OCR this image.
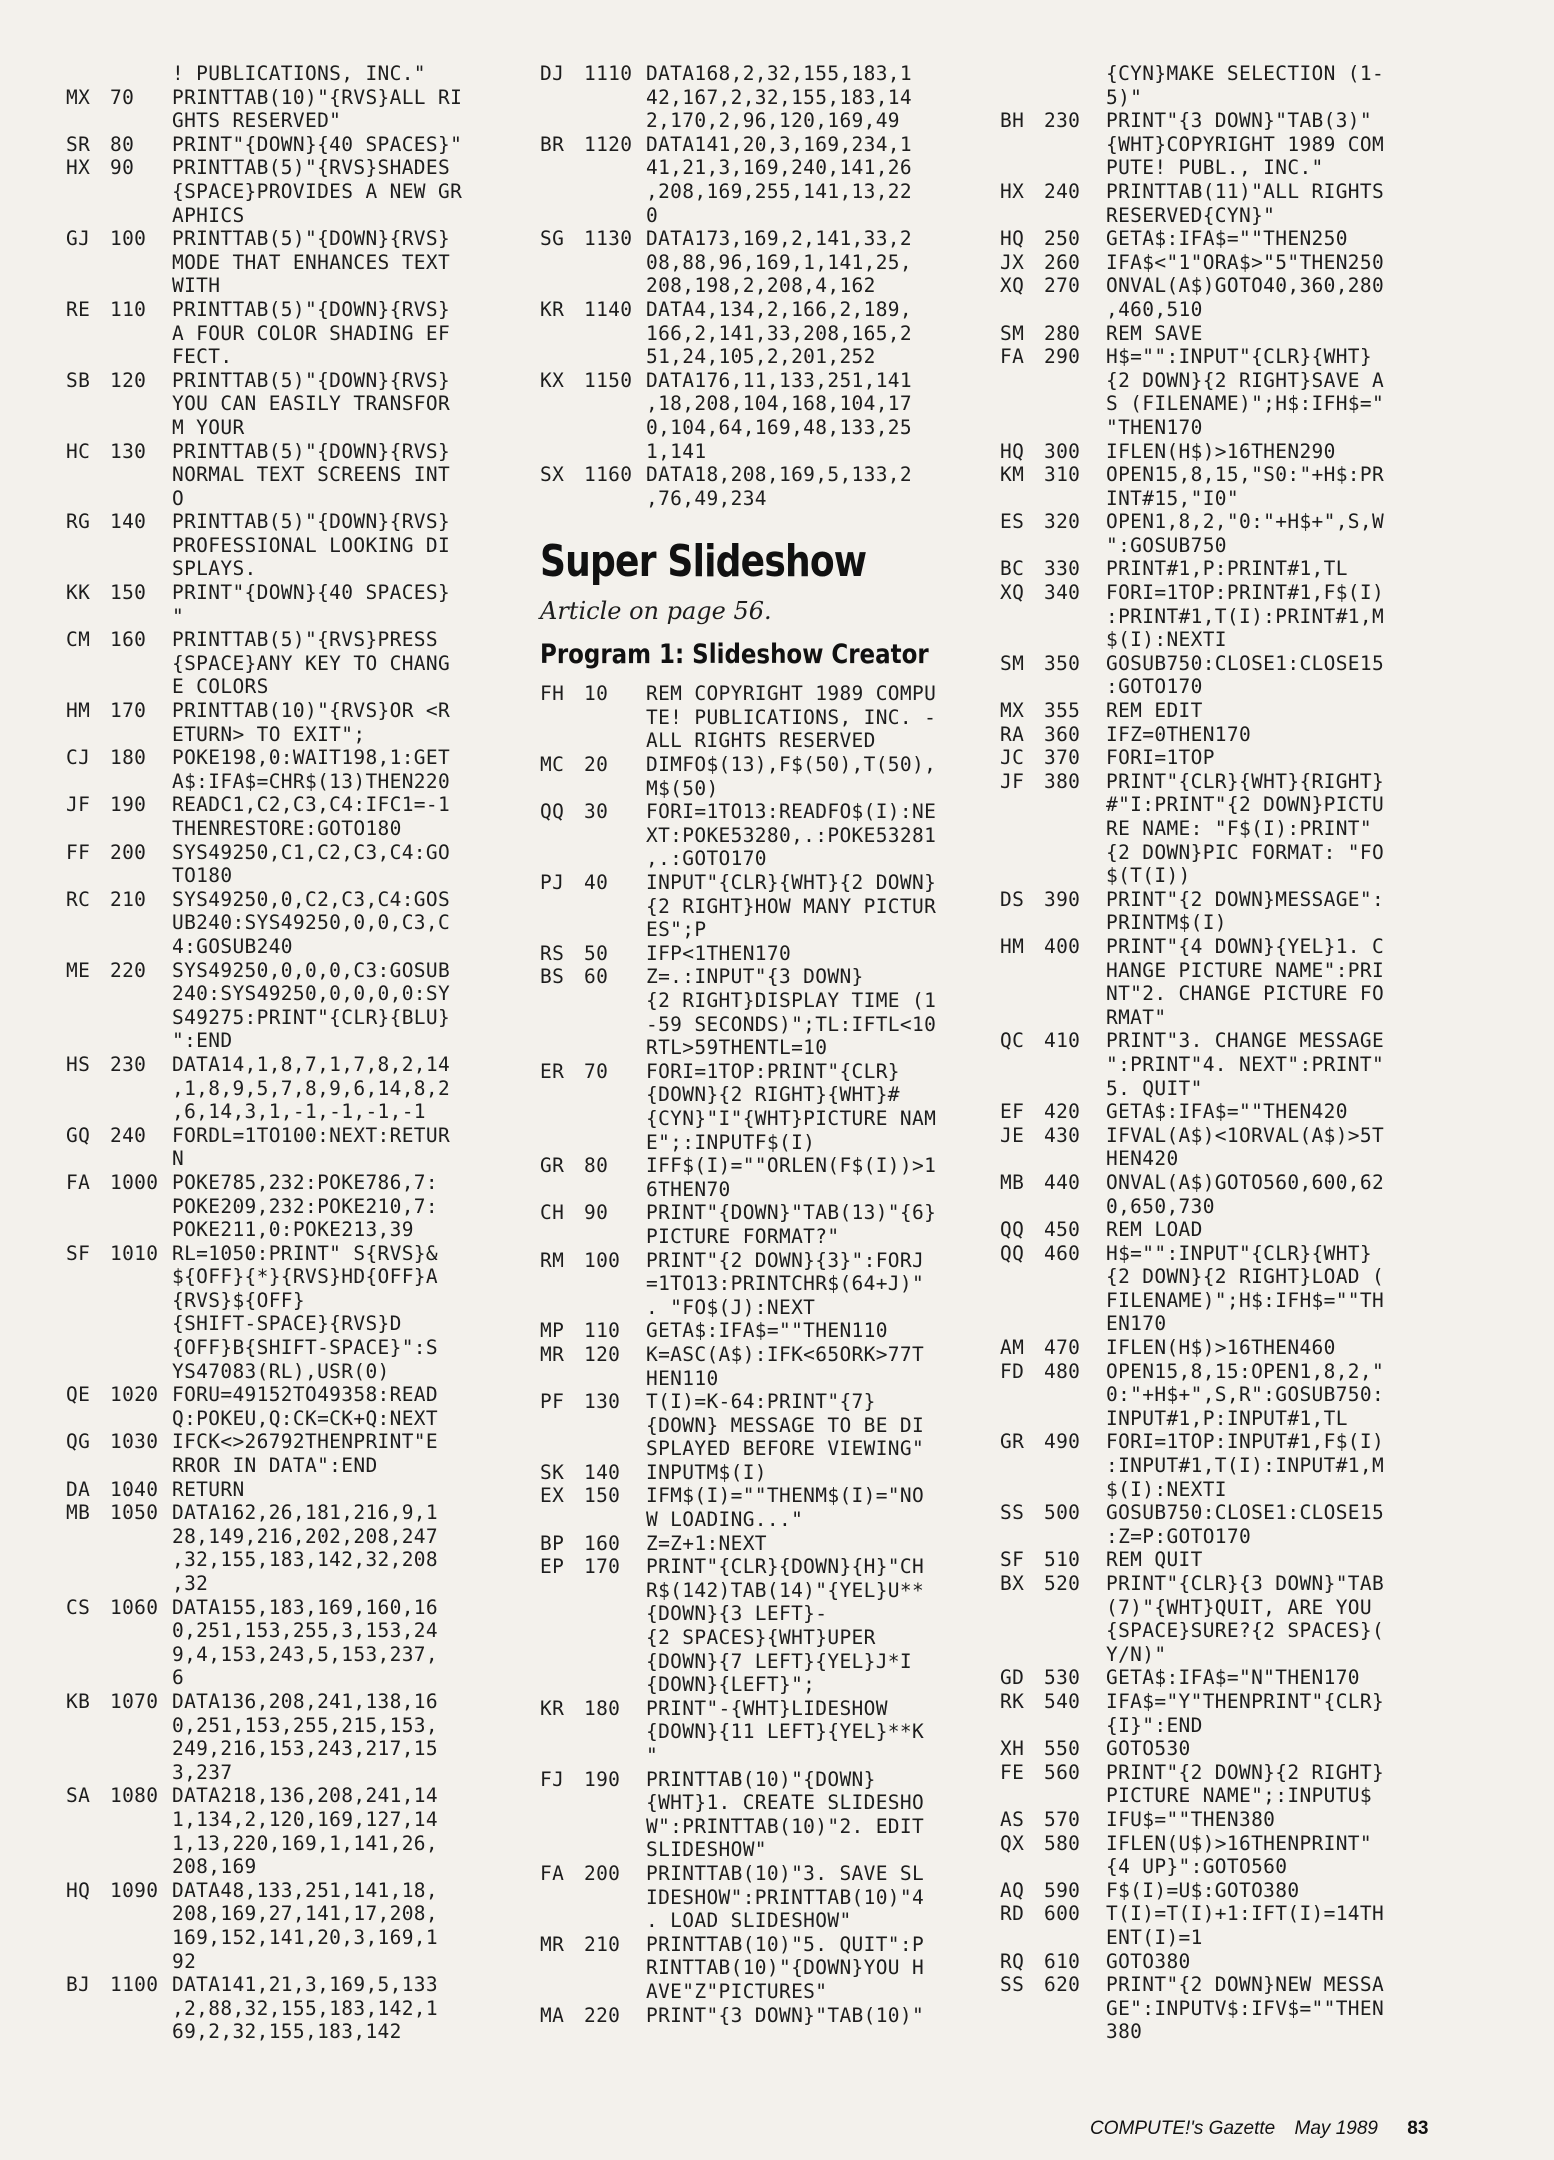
! PUBLICATIONS, INC."
MX	70	PRINTTAB(10)"{RVS}ALL RI
GHTS RESERVED"
SR	80	PRINT"{DOWN}{40 SPACES}"
HX	90	PRINTTAB(5)"{RVS}SHADES
{SPACE}PROVIDES A NEW GR
APHICS
GJ	100	PRINTTAB(5)"{DOWN}{RVS}
MODE THAT ENHANCES TEXT
WITH
RE	110	PRINTTAB(5)"{DOWN}{RVS}
A FOUR COLOR SHADING EF
FECT.
SB	120	PRINTTAB(5)"{DOWN}{RVS}
YOU CAN EASILY TRANSFOR
M YOUR
HC	130	PRINTTAB(5)"{DOWN}{RVS}
NORMAL TEXT SCREENS INT
O
RG	140	PRINTTAB(5)"{DOWN}{RVS}
PROFESSIONAL LOOKING DI
SPLAYS.
KK	150	PRINT"{DOWN}{40 SPACES}
"
CM	160	PRINTTAB(5)"{RVS}PRESS
{SPACE}ANY KEY TO CHANG
E COLORS
HM	170	PRINTTAB(10)"{RVS}OR <R
ETURN> TO EXIT";
CJ	180	POKE198,0:WAIT198,1:GET
A$:IFA$=CHR$(13)THEN220
JF	190	READC1,C2,C3,C4:IFC1=-1
THENRESTORE:GOTO180
FF	200	SYS49250,C1,C2,C3,C4:GO
TO180
RC	210	SYS49250,0,C2,C3,C4:GOS
UB240:SYS49250,0,0,C3,C
4:GOSUB240
ME	220	SYS49250,0,0,0,C3:GOSUB
240:SYS49250,0,0,0,0:SY
S49275:PRINT"{CLR}{BLU}
":END
HS	230	DATA14,1,8,7,1,7,8,2,14
,1,8,9,5,7,8,9,6,14,8,2
,6,14,3,1,-1,-1,-1,-1
GQ	240	FORDL=1TO100:NEXT:RETUR
N
FA	1000 POKE785,232:POKE786,7:
POKE209,232:POKE210,7:
POKE211,0:POKE213,39
SF	1010 RL=1050:PRINT" S{RVS}&
${OFF}{*}{RVS}HD{OFF}A
{RVS}${OFF}
{SHIFT-SPACE}{RVS}D
{OFF}B{SHIFT-SPACE}":S
YS47083(RL),USR(0)
QE	1020 FORU=49152TO49358:READ
Q:POKEU,Q:CK=CK+Q:NEXT
QG	1030 IFCK<>26792THENPRINT"E
RROR IN DATA":END
DA	1040 RETURN
MB	1050 DATA162,26,181,216,9,1
28,149,216,202,208,247
,32,155,183,142,32,208
,32
CS	1060 DATA155,183,169,160,16
0,251,153,255,3,153,24
9,4,153,243,5,153,237,
6
KB	1070 DATA136,208,241,138,16
0,251,153,255,215,153,
249,216,153,243,217,15
3,237
SA	1080 DATA218,136,208,241,14
1,134,2,120,169,127,14
1,13,220,169,1,141,26,
208,169
HQ	1090 DATA48,133,251,141,18,
208,169,27,141,17,208,
169,152,141,20,3,169,1
92
BJ	1100 DATA141,21,3,169,5,133
,2,88,32,155,183,142,1
69,2,32,155,183,142
DJ	1110 DATA168,2,32,155,183,1
42,167,2,32,155,183,14
2,170,2,96,120,169,49
BR	1120 DATA141,20,3,169,234,1
41,21,3,169,240,141,26
,208,169,255,141,13,22
0
SG	1130 DATA173,169,2,141,33,2
08,88,96,169,1,141,25,
208,198,2,208,4,162
KR	1140 DATA4,134,2,166,2,189,
166,2,141,33,208,165,2
51,24,105,2,201,252
KX	1150 DATA176,11,133,251,141
,18,208,104,168,104,17
0,104,64,169,48,133,25
1,141
SX	1160 DATA18,208,169,5,133,2
,76,49,234
Super Slideshow
Article on page 56.
Program 1: Slideshow Creator
FH	10	REM COPYRIGHT 1989 COMPU
TE! PUBLICATIONS, INC. -
ALL RIGHTS RESERVED
MC	20	DIMFO$(13),F$(50),T(50),
M$(50)
QQ	30	FORI=1TO13:READFO$(I):NE
XT:POKE53280,.:POKE53281
,.:GOTO170
PJ	40	INPUT"{CLR}{WHT}{2 DOWN}
{2 RIGHT}HOW MANY PICTUR
ES";P
RS	50	IFP<1THEN170
BS	60	Z=.:INPUT"{3 DOWN}
{2 RIGHT}DISPLAY TIME (1
-59 SECONDS)";TL:IFTL<10
RTL>59THENTL=10
ER	70	FORI=1TOP:PRINT"{CLR}
{DOWN}{2 RIGHT}{WHT}#
{CYN}"I"{WHT}PICTURE NAM
E";:INPUTF$(I)
GR	80	IFF$(I)=""ORLEN(F$(I))>1
6THEN70
CH	90	PRINT"{DOWN}"TAB(13)"{6}
PICTURE FORMAT?"
RM	100	PRINT"{2 DOWN}{3}":FORJ
=1TO13:PRINTCHR$(64+J)"
. "FO$(J):NEXT
MP	110	GETA$:IFA$=""THEN110
MR	120	K=ASC(A$):IFK<65ORK>77T
HEN110
PF	130	T(I)=K-64:PRINT"{7}
{DOWN} MESSAGE TO BE DI
SPLAYED BEFORE VIEWING"
SK	140	INPUTM$(I)
EX	150	IFM$(I)=""THENM$(I)="NO
W LOADING..."
BP	160	Z=Z+1:NEXT
EP	170	PRINT"{CLR}{DOWN}{H}"CH
R$(142)TAB(14)"{YEL}U**
{DOWN}{3 LEFT}-
{2 SPACES}{WHT}UPER
{DOWN}{7 LEFT}{YEL}J*I
{DOWN}{LEFT}";
KR	180	PRINT"-{WHT}LIDESHOW
{DOWN}{11 LEFT}{YEL}**K
"
FJ	190	PRINTTAB(10)"{DOWN}
{WHT}1. CREATE SLIDESHO
W":PRINTTAB(10)"2. EDIT
SLIDESHOW"
FA	200	PRINTTAB(10)"3. SAVE SL
IDESHOW":PRINTTAB(10)"4
. LOAD SLIDESHOW"
MR	210	PRINTTAB(10)"5. QUIT":P
RINTTAB(10)"{DOWN}YOU H
AVE"Z"PICTURES"
MA	220	PRINT"{3 DOWN}"TAB(10)"
{CYN}MAKE SELECTION (1-
5)"
BH	230	PRINT"{3 DOWN}"TAB(3)"
{WHT}COPYRIGHT 1989 COM
PUTE! PUBL., INC."
HX	240	PRINTTAB(11)"ALL RIGHTS
RESERVED{CYN}"
HQ	250	GETA$:IFA$=""THEN250
JX	260	IFA$<"1"ORA$>"5"THEN250
XQ	270	ONVAL(A$)GOTO40,360,280
,460,510
SM	280	REM SAVE
FA	290	H$="":INPUT"{CLR}{WHT}
{2 DOWN}{2 RIGHT}SAVE A
S (FILENAME)";H$:IFH$="
"THEN170
HQ	300	IFLEN(H$)>16THEN290
KM	310	OPEN15,8,15,"S0:"+H$:PR
INT#15,"I0"
ES	320	OPEN1,8,2,"0:"+H$+",S,W
":GOSUB750
BC	330	PRINT#1,P:PRINT#1,TL
XQ	340	FORI=1TOP:PRINT#1,F$(I)
:PRINT#1,T(I):PRINT#1,M
$(I):NEXTI
SM	350	GOSUB750:CLOSE1:CLOSE15
:GOTO170
MX	355	REM EDIT
RA	360	IFZ=0THEN170
JC	370	FORI=1TOP
JF	380	PRINT"{CLR}{WHT}{RIGHT}
#"I:PRINT"{2 DOWN}PICTU
RE NAME: "F$(I):PRINT"
{2 DOWN}PIC FORMAT: "FO
$(T(I))
DS	390	PRINT"{2 DOWN}MESSAGE":
PRINTM$(I)
HM	400	PRINT"{4 DOWN}{YEL}1. C
HANGE PICTURE NAME":PRI
NT"2. CHANGE PICTURE FO
RMAT"
QC	410	PRINT"3. CHANGE MESSAGE
":PRINT"4. NEXT":PRINT"
5. QUIT"
EF	420	GETA$:IFA$=""THEN420
JE	430	IFVAL(A$)<1ORVAL(A$)>5T
HEN420
MB	440	ONVAL(A$)GOTO560,600,62
0,650,730
QQ	450	REM LOAD
QQ	460	H$="":INPUT"{CLR}{WHT}
{2 DOWN}{2 RIGHT}LOAD (
FILENAME)";H$:IFH$=""TH
EN170
AM	470	IFLEN(H$)>16THEN460
FD	480	OPEN15,8,15:OPEN1,8,2,"
0:"+H$+",S,R":GOSUB750:
INPUT#1,P:INPUT#1,TL
GR	490	FORI=1TOP:INPUT#1,F$(I)
:INPUT#1,T(I):INPUT#1,M
$(I):NEXTI
SS	500	GOSUB750:CLOSE1:CLOSE15
:Z=P:GOTO170
SF	510	REM QUIT
BX	520	PRINT"{CLR}{3 DOWN}"TAB
(7)"{WHT}QUIT, ARE YOU
{SPACE}SURE?{2 SPACES}(
Y/N)"
GD	530	GETA$:IFA$="N"THEN170
RK	540	IFA$="Y"THENPRINT"{CLR}
{I}":END
XH	550	GOTO530
FE	560	PRINT"{2 DOWN}{2 RIGHT}
PICTURE NAME";:INPUTU$
AS	570	IFU$=""THEN380
QX	580	IFLEN(U$)>16THENPRINT"
{4 UP}":GOTO560
AQ	590	F$(I)=U$:GOTO380
RD	600	T(I)=T(I)+1:IFT(I)=14TH
ENT(I)=1
RQ	610	GOTO380
SS	620	PRINT"{2 DOWN}NEW MESSA
GE":INPUTV$:IFV$=""THEN
380
COMPUTE!'s Gazette May 1989 83
